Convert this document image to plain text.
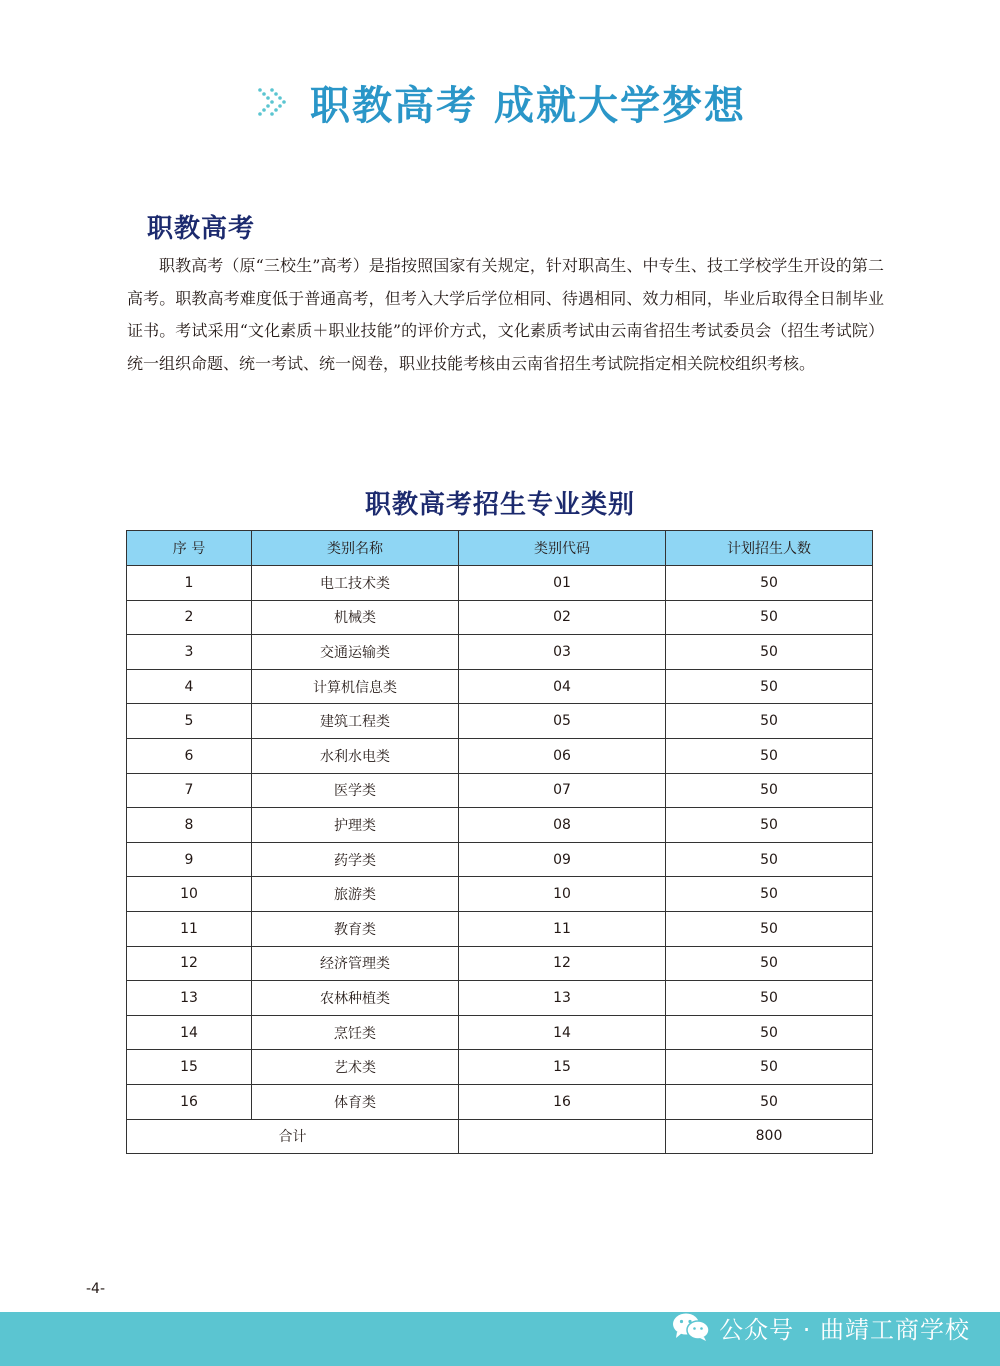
职教高考 成就大学梦想
职教高考

职教高考（原“三校生”高考）是指按照国家有关规定，针对职高生、中专生、技工学校学生开设的第二高考。职教高考难度低于普通高考，但考入大学后学位相同、待遇相同、效力相同，毕业后取得全日制毕业证书。考试采用“文化素质＋职业技能”的评价方式，文化素质考试由云南省招生考试委员会（招生考试院）统一组织命题、统一考试、统一阅卷，职业技能考核由云南省招生考试院指定相关院校组织考核。

职教高考招生专业类别
序 号	类别名称	类别代码	计划招生人数
1	电工技术类	01	50
2	机械类	02	50
3	交通运输类	03	50
4	计算机信息类	04	50
5	建筑工程类	05	50
6	水利水电类	06	50
7	医学类	07	50
8	护理类	08	50
9	药学类	09	50
10	旅游类	10	50
11	教育类	11	50
12	经济管理类	12	50
13	农林种植类	13	50
14	烹饪类	14	50
15	艺术类	15	50
16	体育类	16	50
合计			800
-4-
公众号 · 曲靖工商学校
